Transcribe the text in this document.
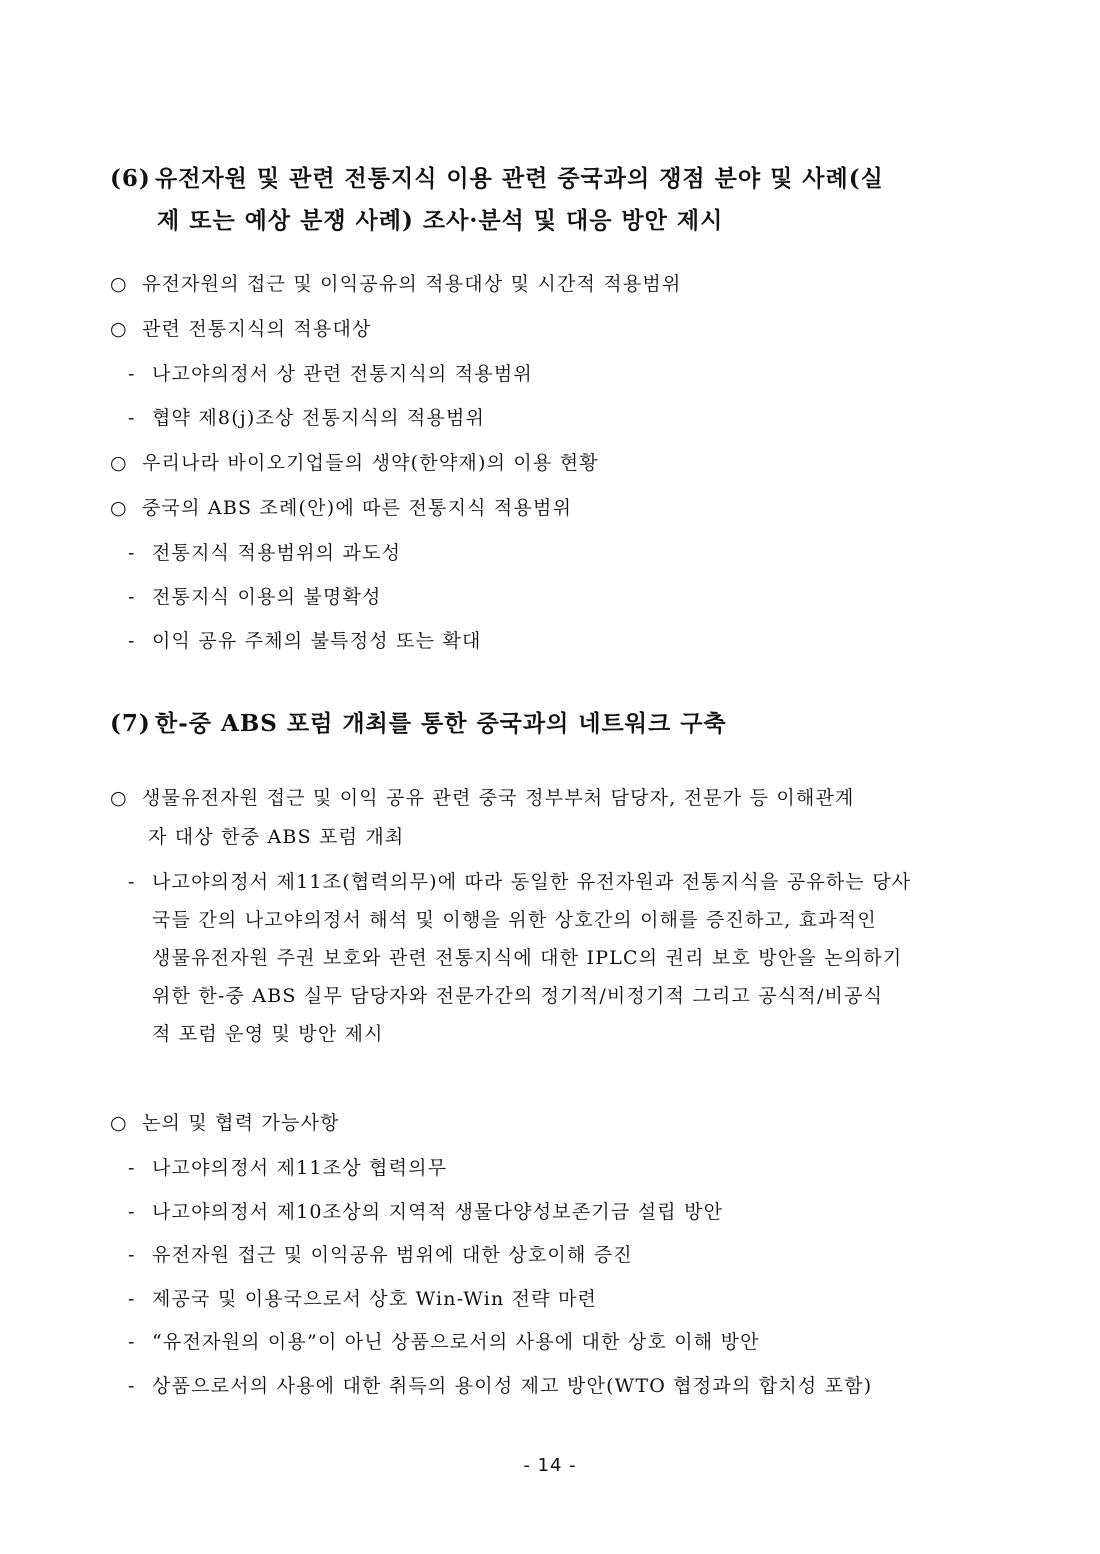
(6) 유전자원 및 관련 전통지식 이용 관련 중국과의 쟁점 분야 및 사례(실
제 또는 예상 분쟁 사례) 조사·분석 및 대응 방안 제시
○ 유전자원의 접근 및 이익공유의 적용대상 및 시간적 적용범위
○ 관련 전통지식의 적용대상
- 나고야의정서 상 관련 전통지식의 적용범위
- 협약 제8(j)조상 전통지식의 적용범위
○ 우리나라 바이오기업들의 생약(한약재)의 이용 현황
○ 중국의 ABS 조례(안)에 따른 전통지식 적용범위
- 전통지식 적용범위의 과도성
- 전통지식 이용의 불명확성
- 이익 공유 주체의 불특정성 또는 확대
(7) 한-중 ABS 포럼 개최를 통한 중국과의 네트워크 구축
○ 생물유전자원 접근 및 이익 공유 관련 중국 정부부처 담당자, 전문가 등 이해관계
자 대상 한중 ABS 포럼 개최
- 나고야의정서 제11조(협력의무)에 따라 동일한 유전자원과 전통지식을 공유하는 당사
국들 간의 나고야의정서 해석 및 이행을 위한 상호간의 이해를 증진하고, 효과적인
생물유전자원 주권 보호와 관련 전통지식에 대한 IPLC의 권리 보호 방안을 논의하기
위한 한-중 ABS 실무 담당자와 전문가간의 정기적/비정기적 그리고 공식적/비공식
적 포럼 운영 및 방안 제시
○ 논의 및 협력 가능사항
- 나고야의정서 제11조상 협력의무
- 나고야의정서 제10조상의 지역적 생물다양성보존기금 설립 방안
- 유전자원 접근 및 이익공유 범위에 대한 상호이해 증진
- 제공국 및 이용국으로서 상호 Win-Win 전략 마련
- “유전자원의 이용”이 아닌 상품으로서의 사용에 대한 상호 이해 방안
- 상품으로서의 사용에 대한 취득의 용이성 제고 방안(WTO 협정과의 합치성 포함)
- 14 -
